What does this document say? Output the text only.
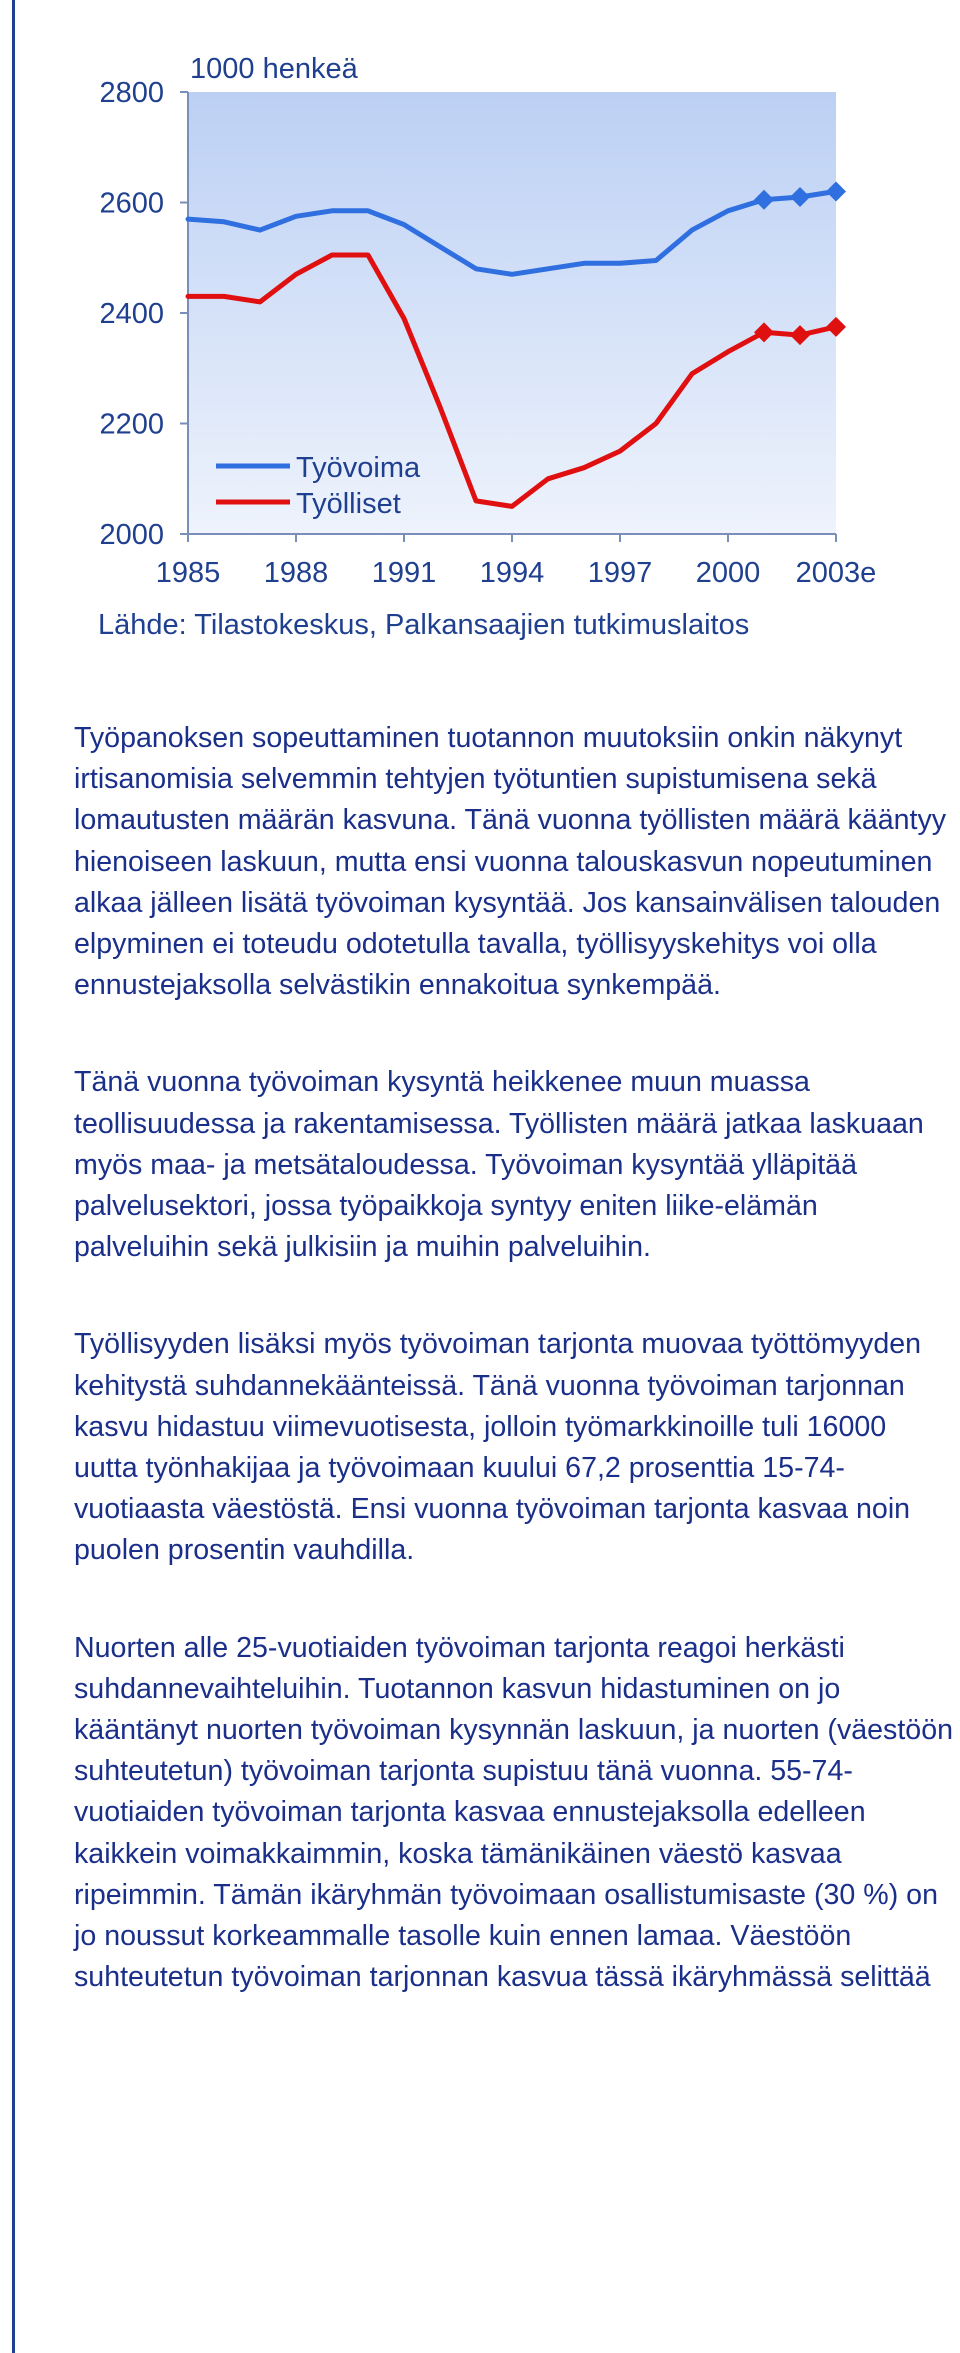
1000 henkeä
2000
2200
2400
2600
2800
1985 1988 1991 1994 1997 2000 2003e
Työvoima
Työlliset
Lähde: Tilastokeskus, Palkansaajien tutkimuslaitos

Työpanoksen sopeuttaminen tuotannon muutoksiin onkin näkynyt irtisanomisia selvemmin tehtyjen työtuntien supistumisena sekä lomautusten määrän kasvuna. Tänä vuonna työllisten määrä kääntyy hienoiseen laskuun, mutta ensi vuonna talouskasvun nopeutuminen alkaa jälleen lisätä työvoiman kysyntää. Jos kansainvälisen talouden elpyminen ei toteudu odotetulla tavalla, työllisyyskehitys voi olla ennustejaksolla selvästikin ennakoitua synkempää.

Tänä vuonna työvoiman kysyntä heikkenee muun muassa teollisuudessa ja rakentamisessa. Työllisten määrä jatkaa laskuaan myös maa- ja metsätaloudessa. Työvoiman kysyntää ylläpitää palvelusektori, jossa työpaikkoja syntyy eniten liike-elämän palveluihin sekä julkisiin ja muihin palveluihin.

Työllisyyden lisäksi myös työvoiman tarjonta muovaa työttömyyden kehitystä suhdannekäänteissä. Tänä vuonna työvoiman tarjonnan kasvu hidastuu viimevuotisesta, jolloin työmarkkinoille tuli 16000 uutta työnhakijaa ja työvoimaan kuului 67,2 prosenttia 15-74-vuotiaasta väestöstä. Ensi vuonna työvoiman tarjonta kasvaa noin puolen prosentin vauhdilla.

Nuorten alle 25-vuotiaiden työvoiman tarjonta reagoi herkästi suhdannevaihteluihin. Tuotannon kasvun hidastuminen on jo kääntänyt nuorten työvoiman kysynnän laskuun, ja nuorten (väestöön suhteutetun) työvoiman tarjonta supistuu tänä vuonna. 55-74-vuotiaiden työvoiman tarjonta kasvaa ennustejaksolla edelleen kaikkein voimakkaimmin, koska tämänikäinen väestö kasvaa ripeimmin. Tämän ikäryhmän työvoimaan osallistumisaste (30 %) on jo noussut korkeammalle tasolle kuin ennen lamaa. Väestöön suhteutetun työvoiman tarjonnan kasvua tässä ikäryhmässä selittää
